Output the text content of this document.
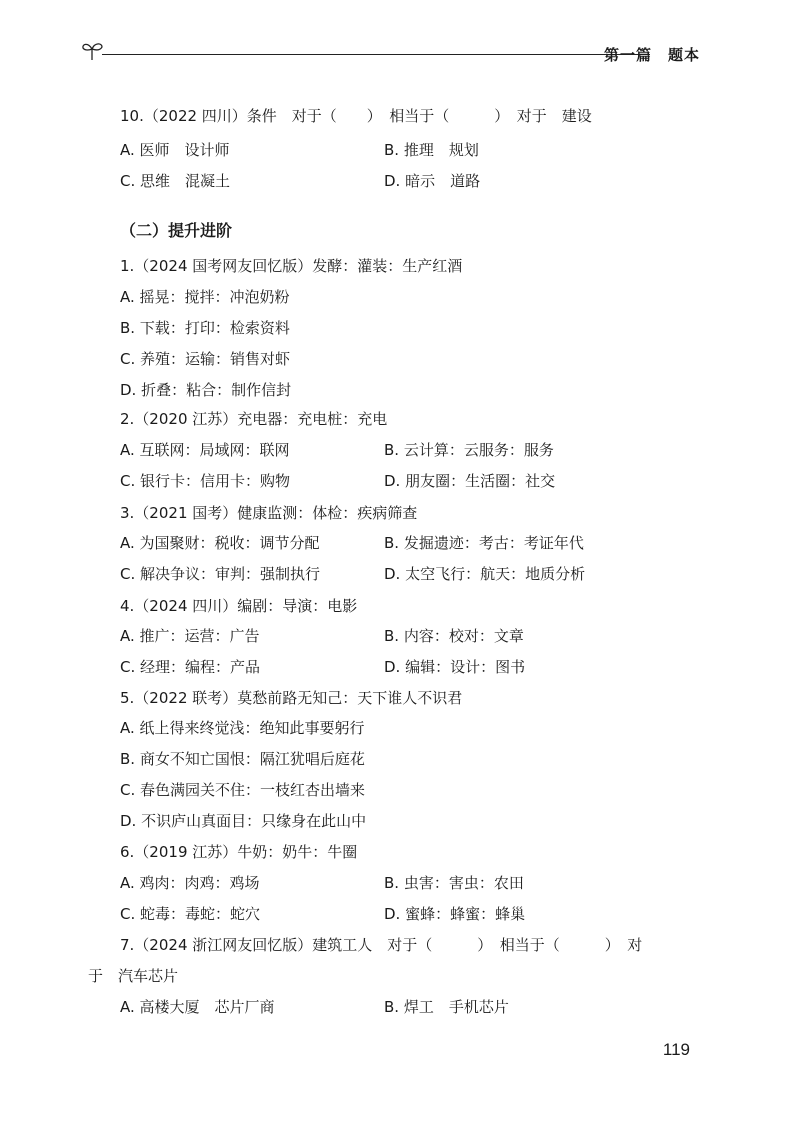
第一篇　题本
10.（2022 四川）条件　对于（　　）　相当于（　　　）　对于　建设
A. 医师　设计师	B. 推理　规划
C. 思维　混凝土	D. 暗示　道路
（二）提升进阶
1.（2024 国考网友回忆版）发酵：灌装：生产红酒
A. 摇晃：搅拌：冲泡奶粉
B. 下载：打印：检索资料
C. 养殖：运输：销售对虾
D. 折叠：粘合：制作信封
2.（2020 江苏）充电器：充电桩：充电
A. 互联网：局域网：联网	B. 云计算：云服务：服务
C. 银行卡：信用卡：购物	D. 朋友圈：生活圈：社交
3.（2021 国考）健康监测：体检：疾病筛查
A. 为国聚财：税收：调节分配	B. 发掘遗迹：考古：考证年代
C. 解决争议：审判：强制执行	D. 太空飞行：航天：地质分析
4.（2024 四川）编剧：导演：电影
A. 推广：运营：广告	B. 内容：校对：文章
C. 经理：编程：产品	D. 编辑：设计：图书
5.（2022 联考）莫愁前路无知己：天下谁人不识君
A. 纸上得来终觉浅：绝知此事要躬行
B. 商女不知亡国恨：隔江犹唱后庭花
C. 春色满园关不住：一枝红杏出墙来
D. 不识庐山真面目：只缘身在此山中
6.（2019 江苏）牛奶：奶牛：牛圈
A. 鸡肉：肉鸡：鸡场	B. 虫害：害虫：农田
C. 蛇毒：毒蛇：蛇穴	D. 蜜蜂：蜂蜜：蜂巢
7.（2024 浙江网友回忆版）建筑工人　对于（　　　）　相当于（　　　）　对
于　汽车芯片
A. 高楼大厦　芯片厂商	B. 焊工　手机芯片
119
